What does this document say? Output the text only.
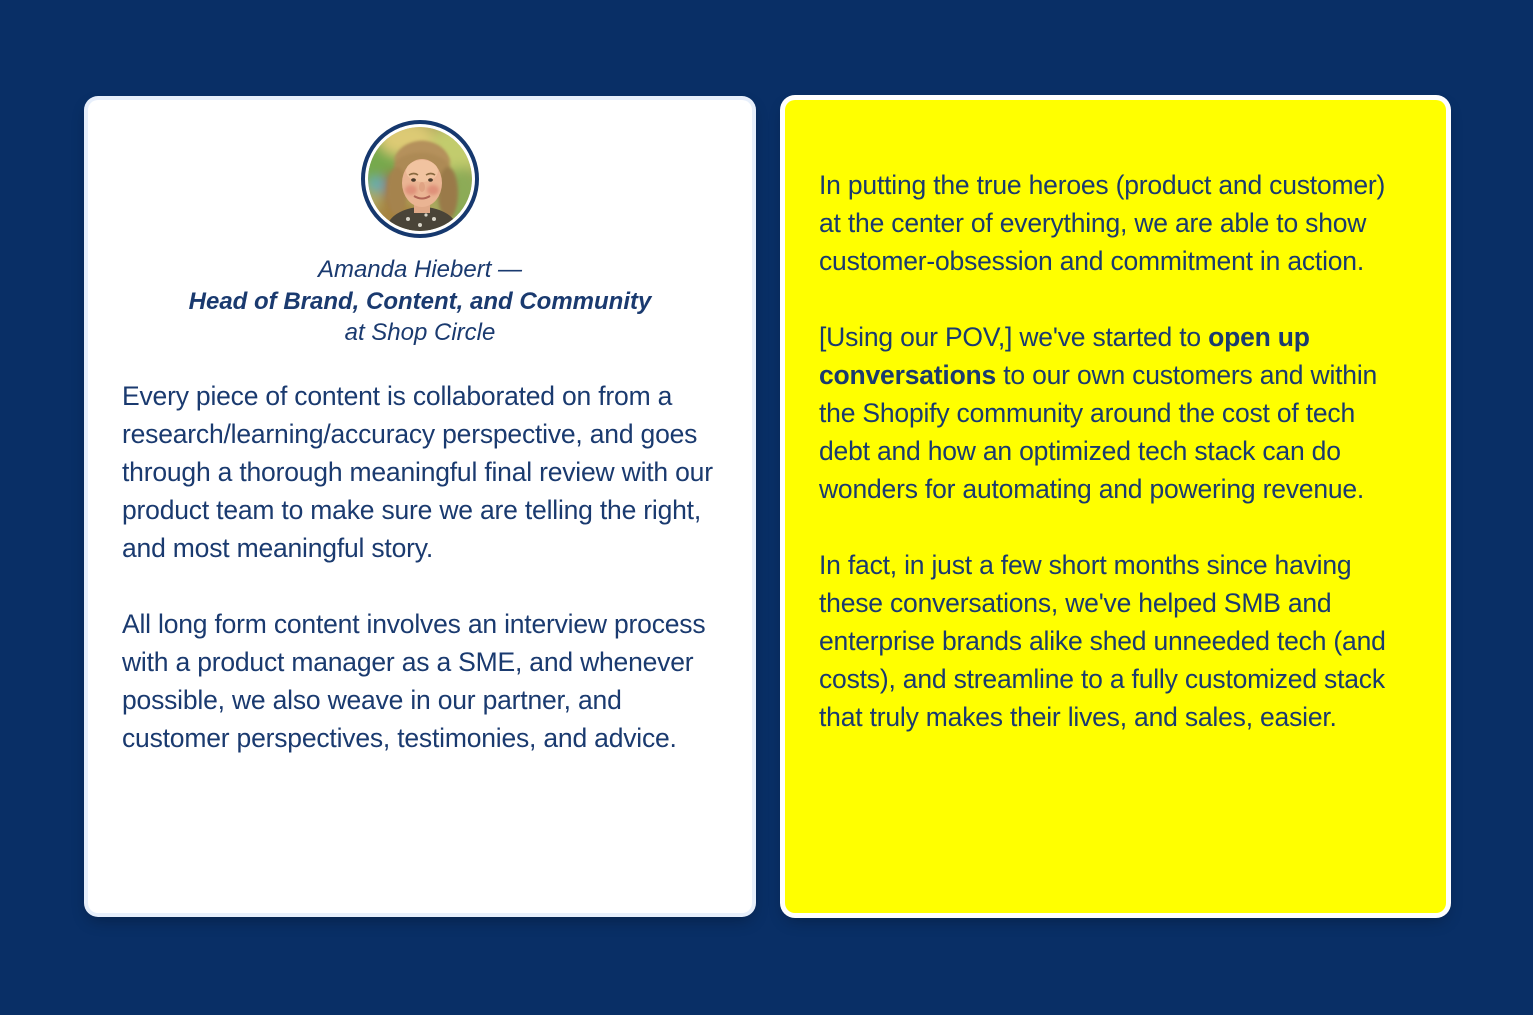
Amanda Hiebert —
Head of Brand, Content, and Community
at Shop Circle

Every piece of content is collaborated on from a research/learning/accuracy perspective, and goes through a thorough meaningful final review with our product team to make sure we are telling the right, and most meaningful story.

All long form content involves an interview process with a product manager as a SME, and whenever possible, we also weave in our partner, and customer perspectives, testimonies, and advice.

In putting the true heroes (product and customer) at the center of everything, we are able to show customer-obsession and commitment in action.

[Using our POV,] we've started to open up conversations to our own customers and within the Shopify community around the cost of tech debt and how an optimized tech stack can do wonders for automating and powering revenue.

In fact, in just a few short months since having these conversations, we've helped SMB and enterprise brands alike shed unneeded tech (and costs), and streamline to a fully customized stack that truly makes their lives, and sales, easier.
